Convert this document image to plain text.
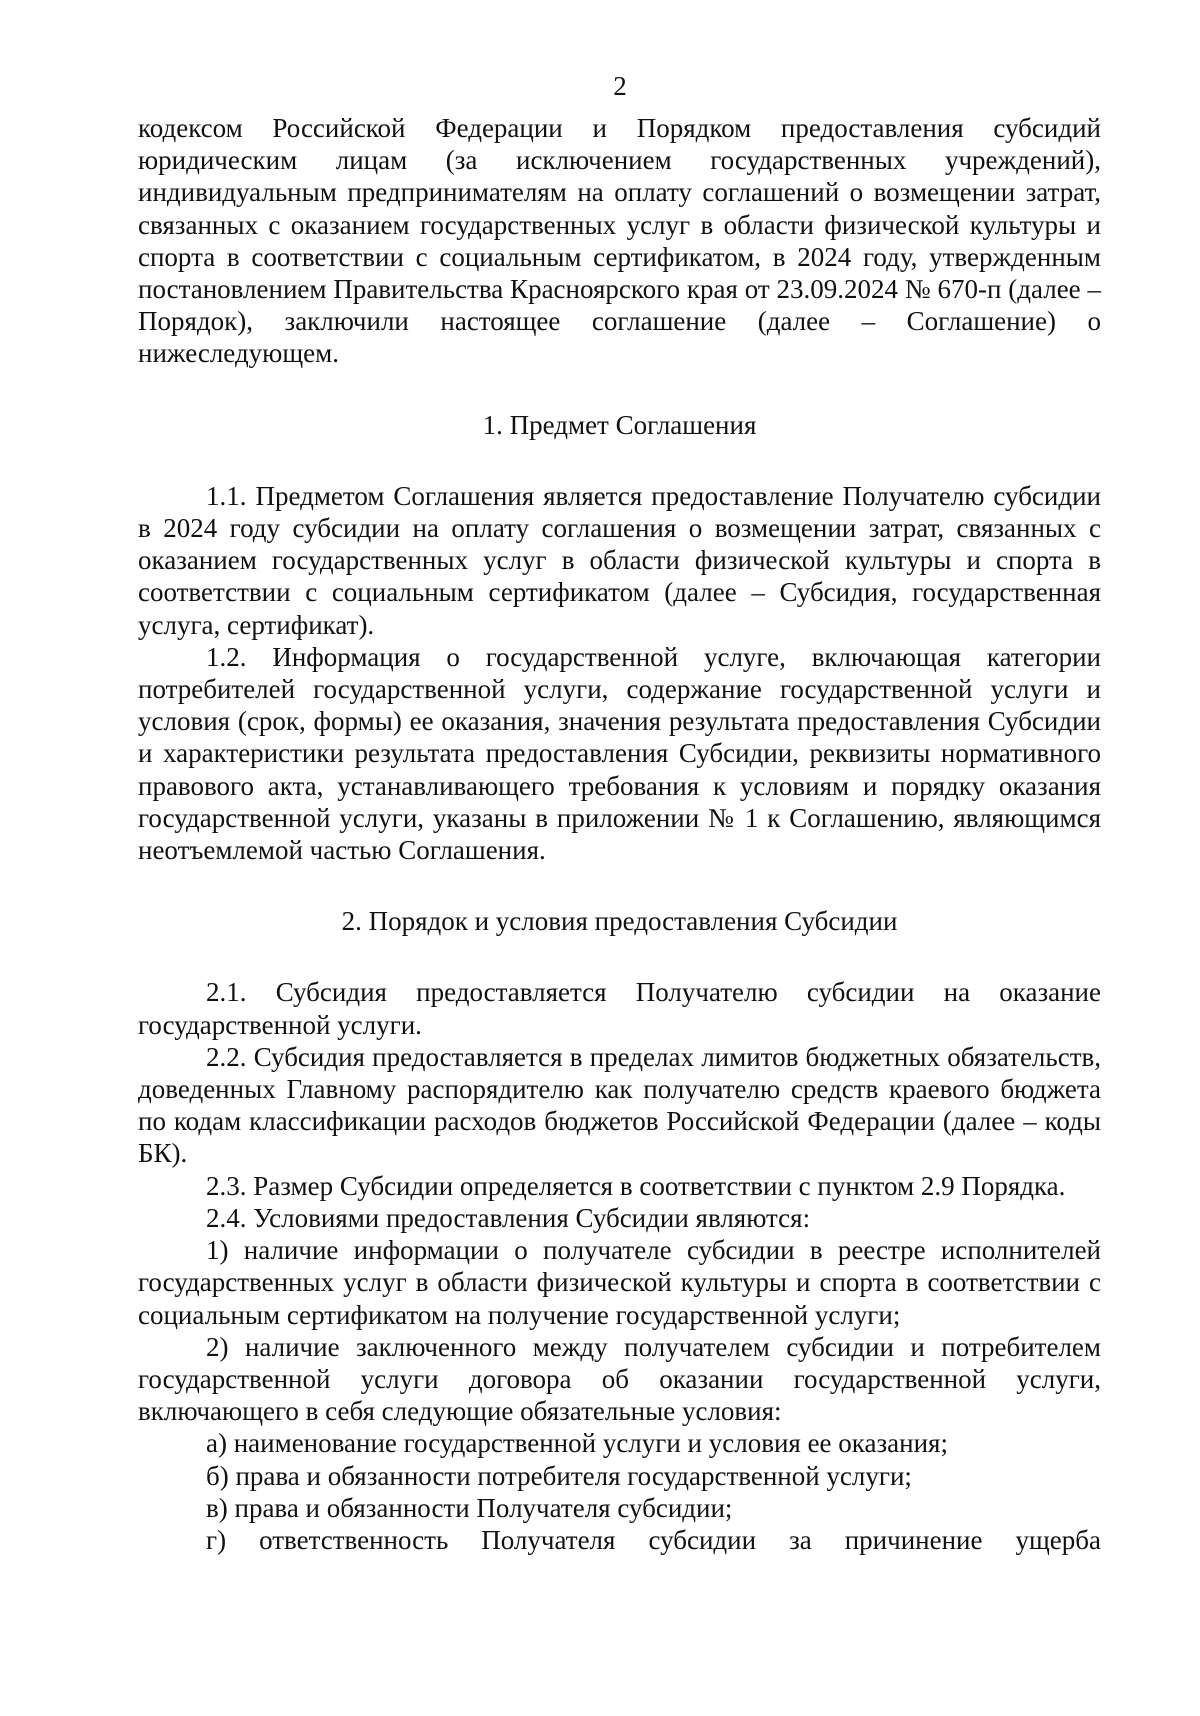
2

кодексом Российской Федерации и Порядком предоставления субсидий юридическим лицам (за исключением государственных учреждений), индивидуальным предпринимателям на оплату соглашений о возмещении затрат, связанных с оказанием государственных услуг в области физической культуры и спорта в соответствии с социальным сертификатом, в 2024 году, утвержденным постановлением Правительства Красноярского края от 23.09.2024 № 670-п (далее – Порядок), заключили настоящее соглашение (далее – Соглашение) о нижеследующем.

1. Предмет Соглашения

1.1. Предметом Соглашения является предоставление Получателю субсидии в 2024 году субсидии на оплату соглашения о возмещении затрат, связанных с оказанием государственных услуг в области физической культуры и спорта в соответствии с социальным сертификатом (далее – Субсидия, государственная услуга, сертификат).

1.2. Информация о государственной услуге, включающая категории потребителей государственной услуги, содержание государственной услуги и условия (срок, формы) ее оказания, значения результата предоставления Субсидии и характеристики результата предоставления Субсидии, реквизиты нормативного правового акта, устанавливающего требования к условиям и порядку оказания государственной услуги, указаны в приложении № 1 к Соглашению, являющимся неотъемлемой частью Соглашения.

2. Порядок и условия предоставления Субсидии

2.1. Субсидия предоставляется Получателю субсидии на оказание государственной услуги.

2.2. Субсидия предоставляется в пределах лимитов бюджетных обязательств, доведенных Главному распорядителю как получателю средств краевого бюджета по кодам классификации расходов бюджетов Российской Федерации (далее – коды БК).

2.3. Размер Субсидии определяется в соответствии с пунктом 2.9 Порядка.

2.4. Условиями предоставления Субсидии являются:

1) наличие информации о получателе субсидии в реестре исполнителей государственных услуг в области физической культуры и спорта в соответствии с социальным сертификатом на получение государственной услуги;

2) наличие заключенного между получателем субсидии и потребителем государственной услуги договора об оказании государственной услуги, включающего в себя следующие обязательные условия:

а) наименование государственной услуги и условия ее оказания;

б) права и обязанности потребителя государственной услуги;

в) права и обязанности Получателя субсидии;

г) ответственность Получателя субсидии за причинение ущерба
